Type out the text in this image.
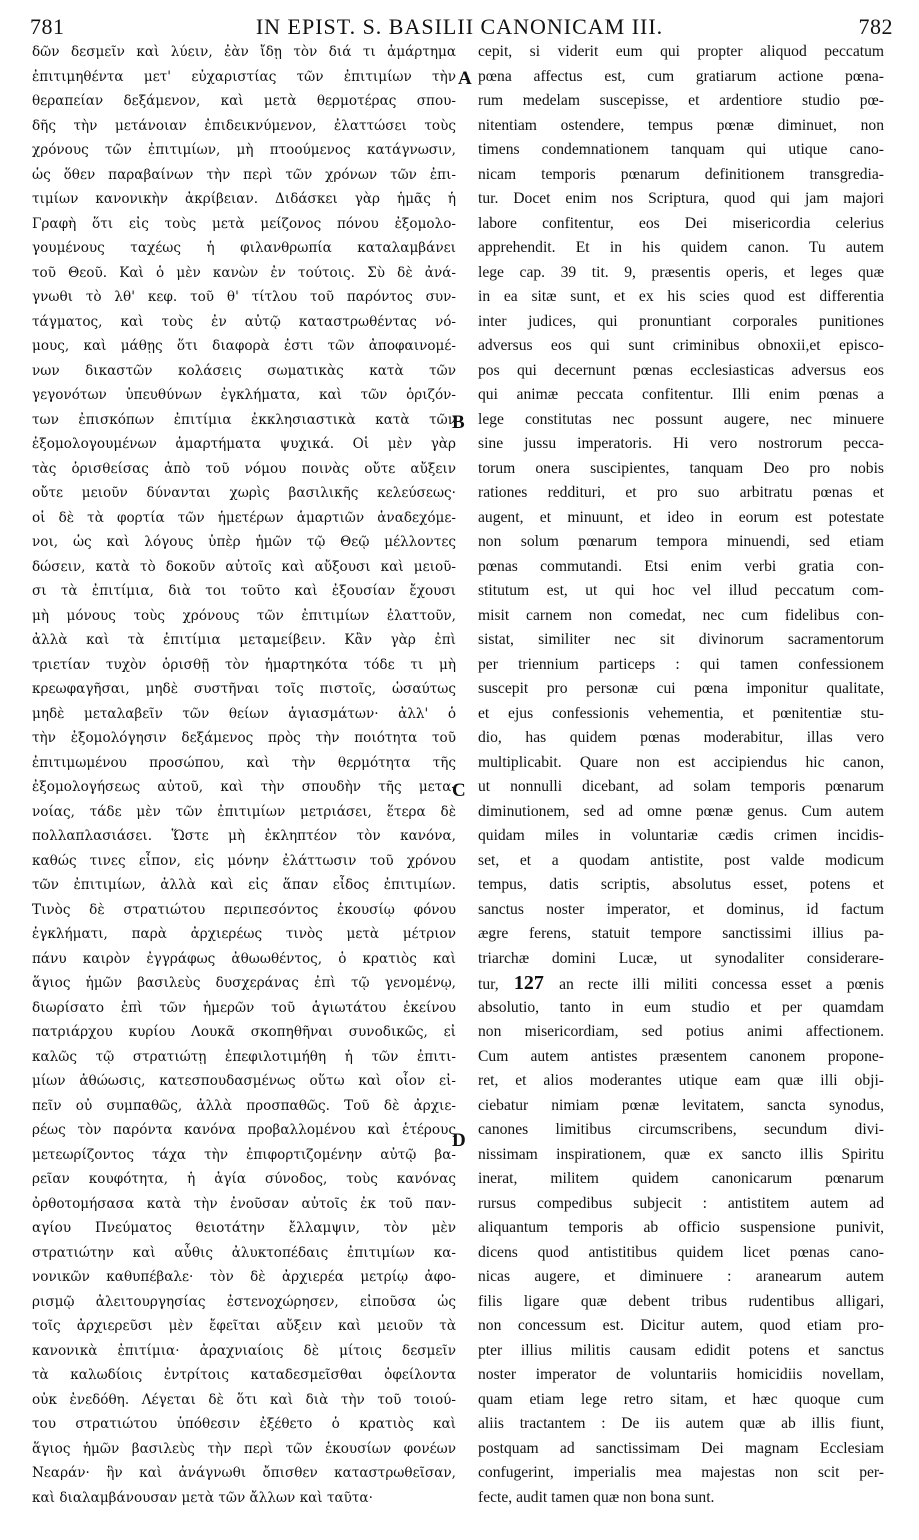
781	IN EPIST. S. BASILII CANONICAM III.	782
A
B
C
D
δῶν δεσμεῖν καὶ λύειν, ἐὰν ἴδῃ τὸν διά τι ἁμάρτημα
ἐπιτιμηθέντα μετ' εὐχαριστίας τῶν ἐπιτιμίων τὴν
θεραπείαν δεξάμενον, καὶ μετὰ θερμοτέρας σπου-
δῆς τὴν μετάνοιαν ἐπιδεικνύμενον, ἐλαττώσει τοὺς
χρόνους τῶν ἐπιτιμίων, μὴ πτοούμενος κατάγνωσιν,
ὡς ὅθεν παραβαίνων τὴν περὶ τῶν χρόνων τῶν ἐπι-
τιμίων κανονικὴν ἀκρίβειαν. Διδάσκει γὰρ ἡμᾶς ἡ
Γραφὴ ὅτι εἰς τοὺς μετὰ μείζονος πόνου ἐξομολο-
γουμένους ταχέως ἡ φιλανθρωπία καταλαμβάνει
τοῦ Θεοῦ. Καὶ ὁ μὲν κανὼν ἐν τούτοις. Σὺ δὲ ἀνά-
γνωθι τὸ λθ' κεφ. τοῦ θ' τίτλου τοῦ παρόντος συν-
τάγματος, καὶ τοὺς ἐν αὐτῷ καταστρωθέντας νό-
μους, καὶ μάθῃς ὅτι διαφορὰ ἐστι τῶν ἀποφαινομέ-
νων δικαστῶν κολάσεις σωματικὰς κατὰ τῶν
γεγονότων ὑπευθύνων ἐγκλήματα, καὶ τῶν ὁριζόν-
των ἐπισκόπων ἐπιτίμια ἐκκλησιαστικὰ κατὰ τῶν
ἐξομολογουμένων ἁμαρτήματα ψυχικά. Οἱ μὲν γὰρ
τὰς ὁρισθείσας ἀπὸ τοῦ νόμου ποινὰς οὔτε αὔξειν
οὔτε μειοῦν δύνανται χωρὶς βασιλικῆς κελεύσεως·
οἱ δὲ τὰ φορτία τῶν ἡμετέρων ἁμαρτιῶν ἀναδεχόμε-
νοι, ὡς καὶ λόγους ὑπὲρ ἡμῶν τῷ Θεῷ μέλλοντες
δώσειν, κατὰ τὸ δοκοῦν αὐτοῖς καὶ αὔξουσι καὶ μειοῦ-
σι τὰ ἐπιτίμια, διὰ τοι τοῦτο καὶ ἐξουσίαν ἔχουσι
μὴ μόνους τοὺς χρόνους τῶν ἐπιτιμίων ἐλαττοῦν,
ἀλλὰ καὶ τὰ ἐπιτίμια μεταμείβειν. Κἂν γὰρ ἐπὶ
τριετίαν τυχὸν ὁρισθῇ τὸν ἡμαρτηκότα τόδε τι μὴ
κρεωφαγῆσαι, μηδὲ συστῆναι τοῖς πιστοῖς, ὡσαύτως
μηδὲ μεταλαβεῖν τῶν θείων ἁγιασμάτων· ἀλλ' ὁ
τὴν ἐξομολόγησιν δεξάμενος πρὸς τὴν ποιότητα τοῦ
ἐπιτιμωμένου προσώπου, καὶ τὴν θερμότητα τῆς
ἐξομολογήσεως αὐτοῦ, καὶ τὴν σπουδὴν τῆς μετα-
νοίας, τάδε μὲν τῶν ἐπιτιμίων μετριάσει, ἕτερα δὲ
πολλαπλασιάσει. Ὥστε μὴ ἐκληπτέον τὸν κανόνα,
καθώς τινες εἶπον, εἰς μόνην ἐλάττωσιν τοῦ χρόνου
τῶν ἐπιτιμίων, ἀλλὰ καὶ εἰς ἅπαν εἶδος ἐπιτιμίων.
Τινὸς δὲ στρατιώτου περιπεσόντος ἑκουσίῳ φόνου
ἐγκλήματι, παρὰ ἀρχιερέως τινὸς μετὰ μέτριον
πάνυ καιρὸν ἐγγράφως ἀθωωθέντος, ὁ κρατιὸς καὶ
ἅγιος ἡμῶν βασιλεὺς δυσχεράνας ἐπὶ τῷ γενομένῳ,
διωρίσατο ἐπὶ τῶν ἡμερῶν τοῦ ἁγιωτάτου ἐκείνου
πατριάρχου κυρίου Λουκᾶ σκοπηθῆναι συνοδικῶς, εἰ
καλῶς τῷ στρατιώτῃ ἐπεφιλοτιμήθη ἡ τῶν ἐπιτι-
μίων ἀθώωσις, κατεσπουδασμένως οὕτω καὶ οἷον εἰ-
πεῖν οὐ συμπαθῶς, ἀλλὰ προσπαθῶς. Τοῦ δὲ ἀρχιε-
ρέως τὸν παρόντα κανόνα προβαλλομένου καὶ ἑτέρους
μετεωρίζοντος τάχα τὴν ἐπιφορτιζομένην αὐτῷ βα-
ρεῖαν κουφότητα, ἡ ἁγία σύνοδος, τοὺς κανόνας
ὀρθοτομήσασα κατὰ τὴν ἐνοῦσαν αὐτοῖς ἐκ τοῦ παν-
αγίου Πνεύματος θειοτάτην ἔλλαμψιν, τὸν μὲν
στρατιώτην καὶ αὖθις ἀλυκτοπέδαις ἐπιτιμίων κα-
νονικῶν καθυπέβαλε· τὸν δὲ ἀρχιερέα μετρίῳ ἀφο-
ρισμῷ ἀλειτουργησίας ἐστενοχώρησεν, εἰποῦσα ὡς
τοῖς ἀρχιερεῦσι μὲν ἔφεῖται αὔξειν καὶ μειοῦν τὰ
κανονικὰ ἐπιτίμια· ἀραχνιαίοις δὲ μίτοις δεσμεῖν
τὰ καλωδίοις ἐντρίτοις καταδεσμεῖσθαι ὀφείλοντα
οὐκ ἐνεδόθη. Λέγεται δὲ ὅτι καὶ διὰ τὴν τοῦ τοιού-
του στρατιώτου ὑπόθεσιν ἐξέθετο ὁ κρατιὸς καὶ
ἅγιος ἡμῶν βασιλεὺς τὴν περὶ τῶν ἑκουσίων φονέων
Νεαράν· ἣν καὶ ἀνάγνωθι ὄπισθεν καταστρωθεῖσαν,
καὶ διαλαμβάνουσαν μετὰ τῶν ἄλλων καὶ ταῦτα·
cepit, si viderit eum qui propter aliquod peccatum
pœna affectus est, cum gratiarum actione pœna-
rum medelam suscepisse, et ardentiore studio pœ-
nitentiam ostendere, tempus pœnæ diminuet, non
timens condemnationem tanquam qui utique cano-
nicam temporis pœnarum definitionem transgredia-
tur. Docet enim nos Scriptura, quod qui jam majori
labore confitentur, eos Dei misericordia celerius
apprehendit. Et in his quidem canon. Tu autem
lege cap. 39 tit. 9, præsentis operis, et leges quæ
in ea sitæ sunt, et ex his scies quod est differentia
inter judices, qui pronuntiant corporales punitiones
adversus eos qui sunt criminibus obnoxii,et episco-
pos qui decernunt pœnas ecclesiasticas adversus eos
qui animæ peccata confitentur. Illi enim pœnas a
lege constitutas nec possunt augere, nec minuere
sine jussu imperatoris. Hi vero nostrorum pecca-
torum onera suscipientes, tanquam Deo pro nobis
rationes reddituri, et pro suo arbitratu pœnas et
augent, et minuunt, et ideo in eorum est potestate
non solum pœnarum tempora minuendi, sed etiam
pœnas commutandi. Etsi enim verbi gratia con-
stitutum est, ut qui hoc vel illud peccatum com-
misit carnem non comedat, nec cum fidelibus con-
sistat, similiter nec sit divinorum sacramentorum
per triennium particeps : qui tamen confessionem
suscepit pro personæ cui pœna imponitur qualitate,
et ejus confessionis vehementia, et pœnitentiæ stu-
dio, has quidem pœnas moderabitur, illas vero
multiplicabit. Quare non est accipiendus hic canon,
ut nonnulli dicebant, ad solam temporis pœnarum
diminutionem, sed ad omne pœnæ genus. Cum autem
quidam miles in voluntariæ cædis crimen incidis-
set, et a quodam antistite, post valde modicum
tempus, datis scriptis, absolutus esset, potens et
sanctus noster imperator, et dominus, id factum
ægre ferens, statuit tempore sanctissimi illius pa-
triarchæ domini Lucæ, ut synodaliter considerare-
tur, 127 an recte illi militi concessa esset a pœnis
absolutio, tanto in eum studio et per quamdam
non misericordiam, sed potius animi affectionem.
Cum autem antistes præsentem canonem propone-
ret, et alios moderantes utique eam quæ illi obji-
ciebatur nimiam pœnæ levitatem, sancta synodus,
canones limitibus circumscribens, secundum divi-
nissimam inspirationem, quæ ex sancto illis Spiritu
inerat, militem quidem canonicarum pœnarum
rursus compedibus subjecit : antistitem autem ad
aliquantum temporis ab officio suspensione punivit,
dicens quod antistitibus quidem licet pœnas cano-
nicas augere, et diminuere : aranearum autem
filis ligare quæ debent tribus rudentibus alligari,
non concessum est. Dicitur autem, quod etiam pro-
pter illius militis causam edidit potens et sanctus
noster imperator de voluntariis homicidiis novellam,
quam etiam lege retro sitam, et hæc quoque cum
aliis tractantem : De iis autem quæ ab illis fiunt,
postquam ad sanctissimam Dei magnam Ecclesiam
confugerint, imperialis mea majestas non scit per-
fecte, audit tamen quæ non bona sunt.
